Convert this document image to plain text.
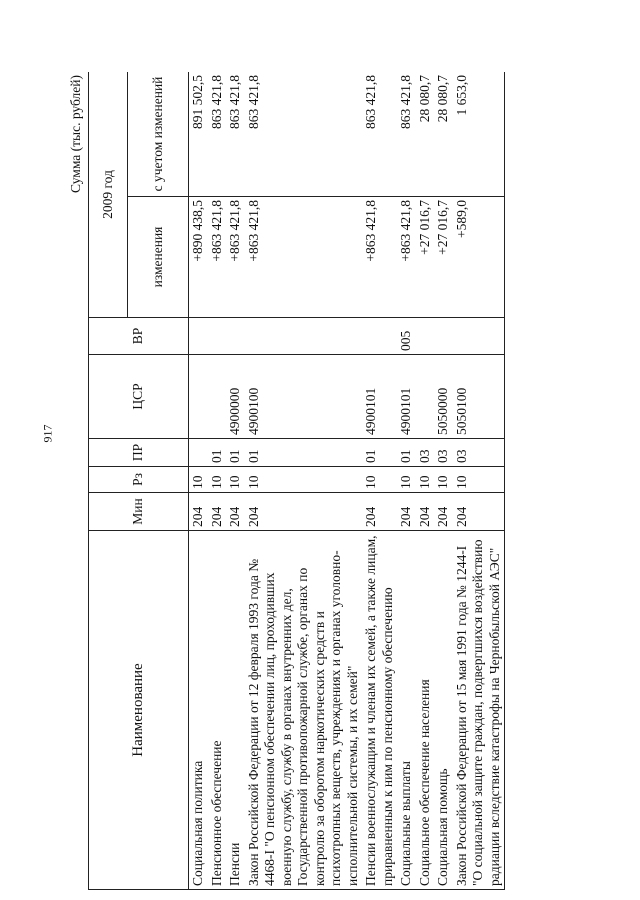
917
Сумма (тыс. рублей)
Наименование	Мин	Рз	ПР	ЦСР	ВР	2009 год	
						изменения	с учетом изменений
Социальная политика	204	10				+890 438,5	891 502,5
Пенсионное обеспечение	204	10	01			+863 421,8	863 421,8
Пенсии	204	10	01	4900000		+863 421,8	863 421,8
Закон Российской Федерации от 12 февраля 1993 года № 4468-I "О пенсионном обеспечении лиц, проходивших военную службу, службу в органах внутренних дел, Государственной противопожарной службе, органах по контролю за оборотом наркотических средств и психотропных веществ, учреждениях и органах уголовно-исполнительной системы, и их семей"	204	10	01	4900100		+863 421,8	863 421,8
Пенсии военнослужащим и членам их семей, а также лицам, приравненным к ним по пенсионному обеспечению	204	10	01	4900101		+863 421,8	863 421,8
Социальные выплаты	204	10	01	4900101	005	+863 421,8	863 421,8
Социальное обеспечение населения	204	10	03			+27 016,7	28 080,7
Социальная помощь	204	10	03	5050000		+27 016,7	28 080,7
Закон Российской Федерации от 15 мая 1991 года № 1244-I "О социальной защите граждан, подвергшихся воздействию радиации вследствие катастрофы на Чернобыльской АЭС"	204	10	03	5050100		+589,0	1 653,0
